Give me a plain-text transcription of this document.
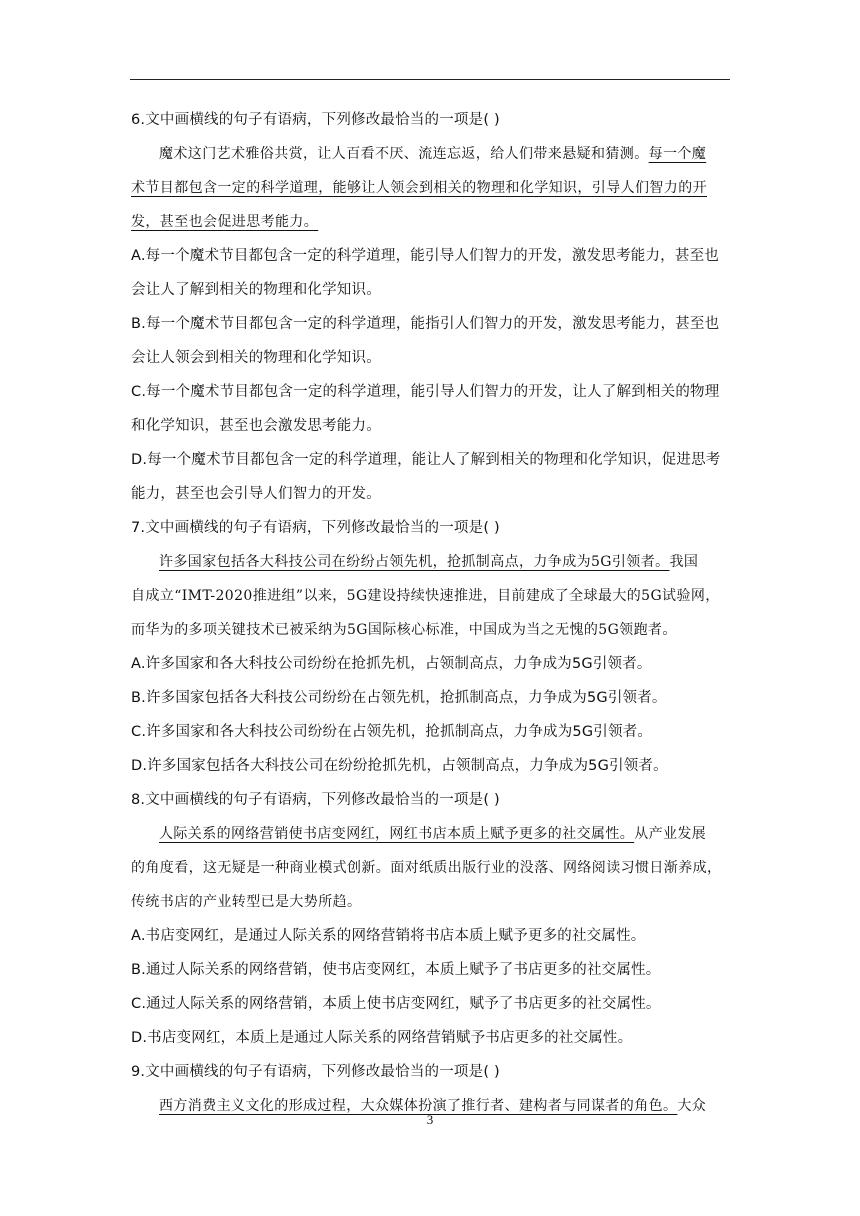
6.文中画横线的句子有语病，下列修改最恰当的一项是( )
魔术这门艺术雅俗共赏，让人百看不厌、流连忘返，给人们带来悬疑和猜测。每一个魔
术节目都包含一定的科学道理，能够让人领会到相关的物理和化学知识，引导人们智力的开
发，甚至也会促进思考能力。
A.每一个魔术节目都包含一定的科学道理，能引导人们智力的开发，激发思考能力，甚至也
会让人了解到相关的物理和化学知识。
B.每一个魔术节目都包含一定的科学道理，能指引人们智力的开发，激发思考能力，甚至也
会让人领会到相关的物理和化学知识。
C.每一个魔术节目都包含一定的科学道理，能引导人们智力的开发，让人了解到相关的物理
和化学知识，甚至也会激发思考能力。
D.每一个魔术节目都包含一定的科学道理，能让人了解到相关的物理和化学知识，促进思考
能力，甚至也会引导人们智力的开发。
7.文中画横线的句子有语病，下列修改最恰当的一项是( )
许多国家包括各大科技公司在纷纷占领先机，抢抓制高点，力争成为5G引领者。我国
自成立“IMT-2020推进组”以来，5G建设持续快速推进，目前建成了全球最大的5G试验网，
而华为的多项关键技术已被采纳为5G国际核心标准，中国成为当之无愧的5G领跑者。
A.许多国家和各大科技公司纷纷在抢抓先机，占领制高点，力争成为5G引领者。
B.许多国家包括各大科技公司纷纷在占领先机，抢抓制高点，力争成为5G引领者。
C.许多国家和各大科技公司纷纷在占领先机，抢抓制高点，力争成为5G引领者。
D.许多国家包括各大科技公司在纷纷抢抓先机，占领制高点，力争成为5G引领者。
8.文中画横线的句子有语病，下列修改最恰当的一项是( )
人际关系的网络营销使书店变网红，网红书店本质上赋予更多的社交属性。从产业发展
的角度看，这无疑是一种商业模式创新。面对纸质出版行业的没落、网络阅读习惯日渐养成，
传统书店的产业转型已是大势所趋。
A.书店变网红，是通过人际关系的网络营销将书店本质上赋予更多的社交属性。
B.通过人际关系的网络营销，使书店变网红，本质上赋予了书店更多的社交属性。
C.通过人际关系的网络营销，本质上使书店变网红，赋予了书店更多的社交属性。
D.书店变网红，本质上是通过人际关系的网络营销赋予书店更多的社交属性。
9.文中画横线的句子有语病，下列修改最恰当的一项是( )
西方消费主义文化的形成过程，大众媒体扮演了推行者、建构者与同谋者的角色。大众
3
